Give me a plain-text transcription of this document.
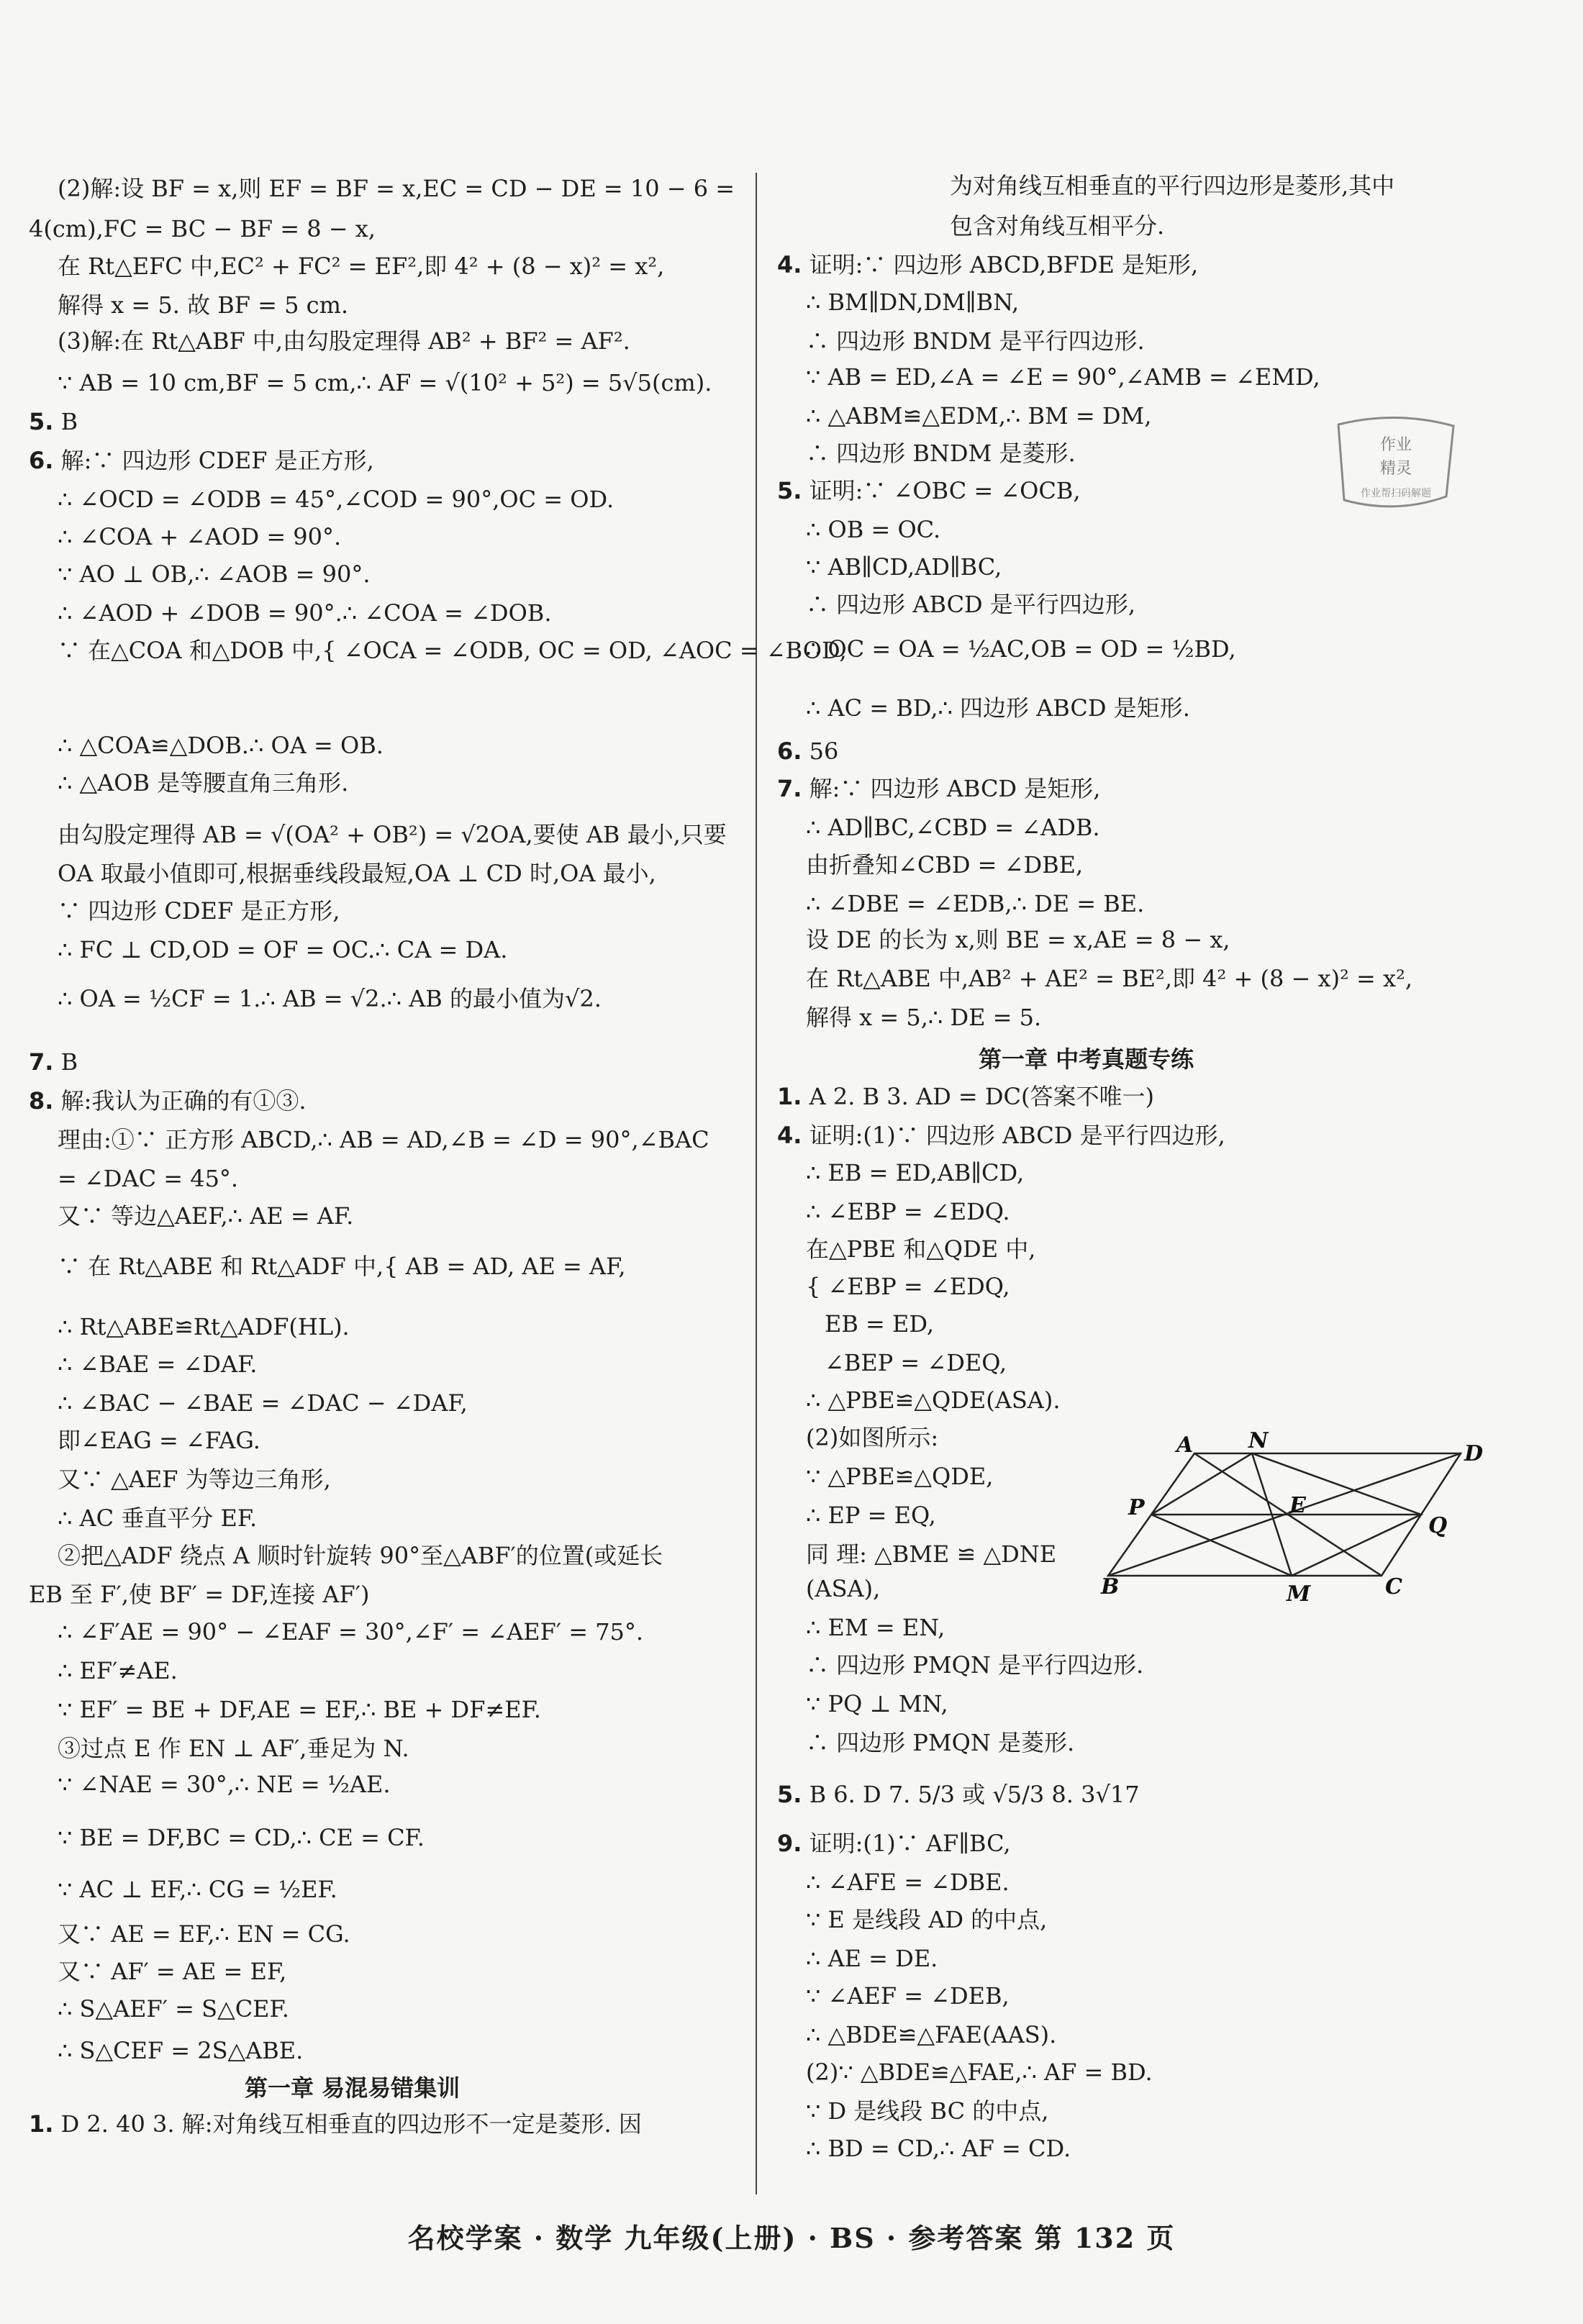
(2)解:设 BF = x,则 EF = BF = x,EC = CD − DE = 10 − 6 =
4(cm),FC = BC − BF = 8 − x,
在 Rt△EFC 中,EC² + FC² = EF²,即 4² + (8 − x)² = x²,
解得 x = 5. 故 BF = 5 cm.
(3)解:在 Rt△ABF 中,由勾股定理得 AB² + BF² = AF².
∵ AB = 10 cm,BF = 5 cm,∴ AF = √(10² + 5²) = 5√5(cm).
5. B
6. 解:∵ 四边形 CDEF 是正方形,
∴ ∠OCD = ∠ODB = 45°,∠COD = 90°,OC = OD.
∴ ∠COA + ∠AOD = 90°.
∵ AO ⊥ OB,∴ ∠AOB = 90°.
∴ ∠AOD + ∠DOB = 90°.∴ ∠COA = ∠DOB.
∵ 在△COA 和△DOB 中,{ ∠OCA = ∠ODB, OC = OD, ∠AOC = ∠BOD,
∴ △COA≌△DOB.∴ OA = OB.
∴ △AOB 是等腰直角三角形.
由勾股定理得 AB = √(OA² + OB²) = √2OA,要使 AB 最小,只要
OA 取最小值即可,根据垂线段最短,OA ⊥ CD 时,OA 最小,
∵ 四边形 CDEF 是正方形,
∴ FC ⊥ CD,OD = OF = OC.∴ CA = DA.
∴ OA = ½CF = 1.∴ AB = √2.∴ AB 的最小值为√2.
7. B
8. 解:我认为正确的有①③.
理由:①∵ 正方形 ABCD,∴ AB = AD,∠B = ∠D = 90°,∠BAC
= ∠DAC = 45°.
又∵ 等边△AEF,∴ AE = AF.
∵ 在 Rt△ABE 和 Rt△ADF 中,{ AB = AD, AE = AF,
∴ Rt△ABE≌Rt△ADF(HL).
∴ ∠BAE = ∠DAF.
∴ ∠BAC − ∠BAE = ∠DAC − ∠DAF,
即∠EAG = ∠FAG.
又∵ △AEF 为等边三角形,
∴ AC 垂直平分 EF.
②把△ADF 绕点 A 顺时针旋转 90°至△ABF′的位置(或延长
EB 至 F′,使 BF′ = DF,连接 AF′)
∴ ∠F′AE = 90° − ∠EAF = 30°,∠F′ = ∠AEF′ = 75°.
∴ EF′≠AE.
∵ EF′ = BE + DF,AE = EF,∴ BE + DF≠EF.
③过点 E 作 EN ⊥ AF′,垂足为 N.
∵ ∠NAE = 30°,∴ NE = ½AE.
∵ BE = DF,BC = CD,∴ CE = CF.
∵ AC ⊥ EF,∴ CG = ½EF.
又∵ AE = EF,∴ EN = CG.
又∵ AF′ = AE = EF,
∴ S△AEF′ = S△CEF.
∴ S△CEF = 2S△ABE.
第一章 易混易错集训
1. D 2. 40 3. 解:对角线互相垂直的四边形不一定是菱形. 因
为对角线互相垂直的平行四边形是菱形,其中
包含对角线互相平分.
4. 证明:∵ 四边形 ABCD,BFDE 是矩形,
∴ BM∥DN,DM∥BN,
∴ 四边形 BNDM 是平行四边形.
∵ AB = ED,∠A = ∠E = 90°,∠AMB = ∠EMD,
∴ △ABM≌△EDM,∴ BM = DM,
∴ 四边形 BNDM 是菱形.
5. 证明:∵ ∠OBC = ∠OCB,
∴ OB = OC.
∵ AB∥CD,AD∥BC,
∴ 四边形 ABCD 是平行四边形,
∴ OC = OA = ½AC,OB = OD = ½BD,
∴ AC = BD,∴ 四边形 ABCD 是矩形.
6. 56
7. 解:∵ 四边形 ABCD 是矩形,
∴ AD∥BC,∠CBD = ∠ADB.
由折叠知∠CBD = ∠DBE,
∴ ∠DBE = ∠EDB,∴ DE = BE.
设 DE 的长为 x,则 BE = x,AE = 8 − x,
在 Rt△ABE 中,AB² + AE² = BE²,即 4² + (8 − x)² = x²,
解得 x = 5,∴ DE = 5.
第一章 中考真题专练
1. A 2. B 3. AD = DC(答案不唯一)
4. 证明:(1)∵ 四边形 ABCD 是平行四边形,
∴ EB = ED,AB∥CD,
∴ ∠EBP = ∠EDQ.
在△PBE 和△QDE 中,
{ ∠EBP = ∠EDQ,
EB = ED,
∠BEP = ∠DEQ,
∴ △PBE≌△QDE(ASA).
(2)如图所示:
∵ △PBE≌△QDE,
∴ EP = EQ,
同 理: △BME ≌ △DNE
(ASA),
∴ EM = EN,
∴ 四边形 PMQN 是平行四边形.
∵ PQ ⊥ MN,
∴ 四边形 PMQN 是菱形.
5. B 6. D 7. 5/3 或 √5/3 8. 3√17
9. 证明:(1)∵ AF∥BC,
∴ ∠AFE = ∠DBE.
∵ E 是线段 AD 的中点,
∴ AE = DE.
∵ ∠AEF = ∠DEB,
∴ △BDE≌△FAE(AAS).
(2)∵ △BDE≌△FAE,∴ AF = BD.
∵ D 是线段 BC 的中点,
∴ BD = CD,∴ AF = CD.
作业
精灵
作业帮扫码解题
A	N
D
P	E
Q
B	M	C
名校学案 · 数学 九年级(上册) · BS · 参考答案 第 132 页
